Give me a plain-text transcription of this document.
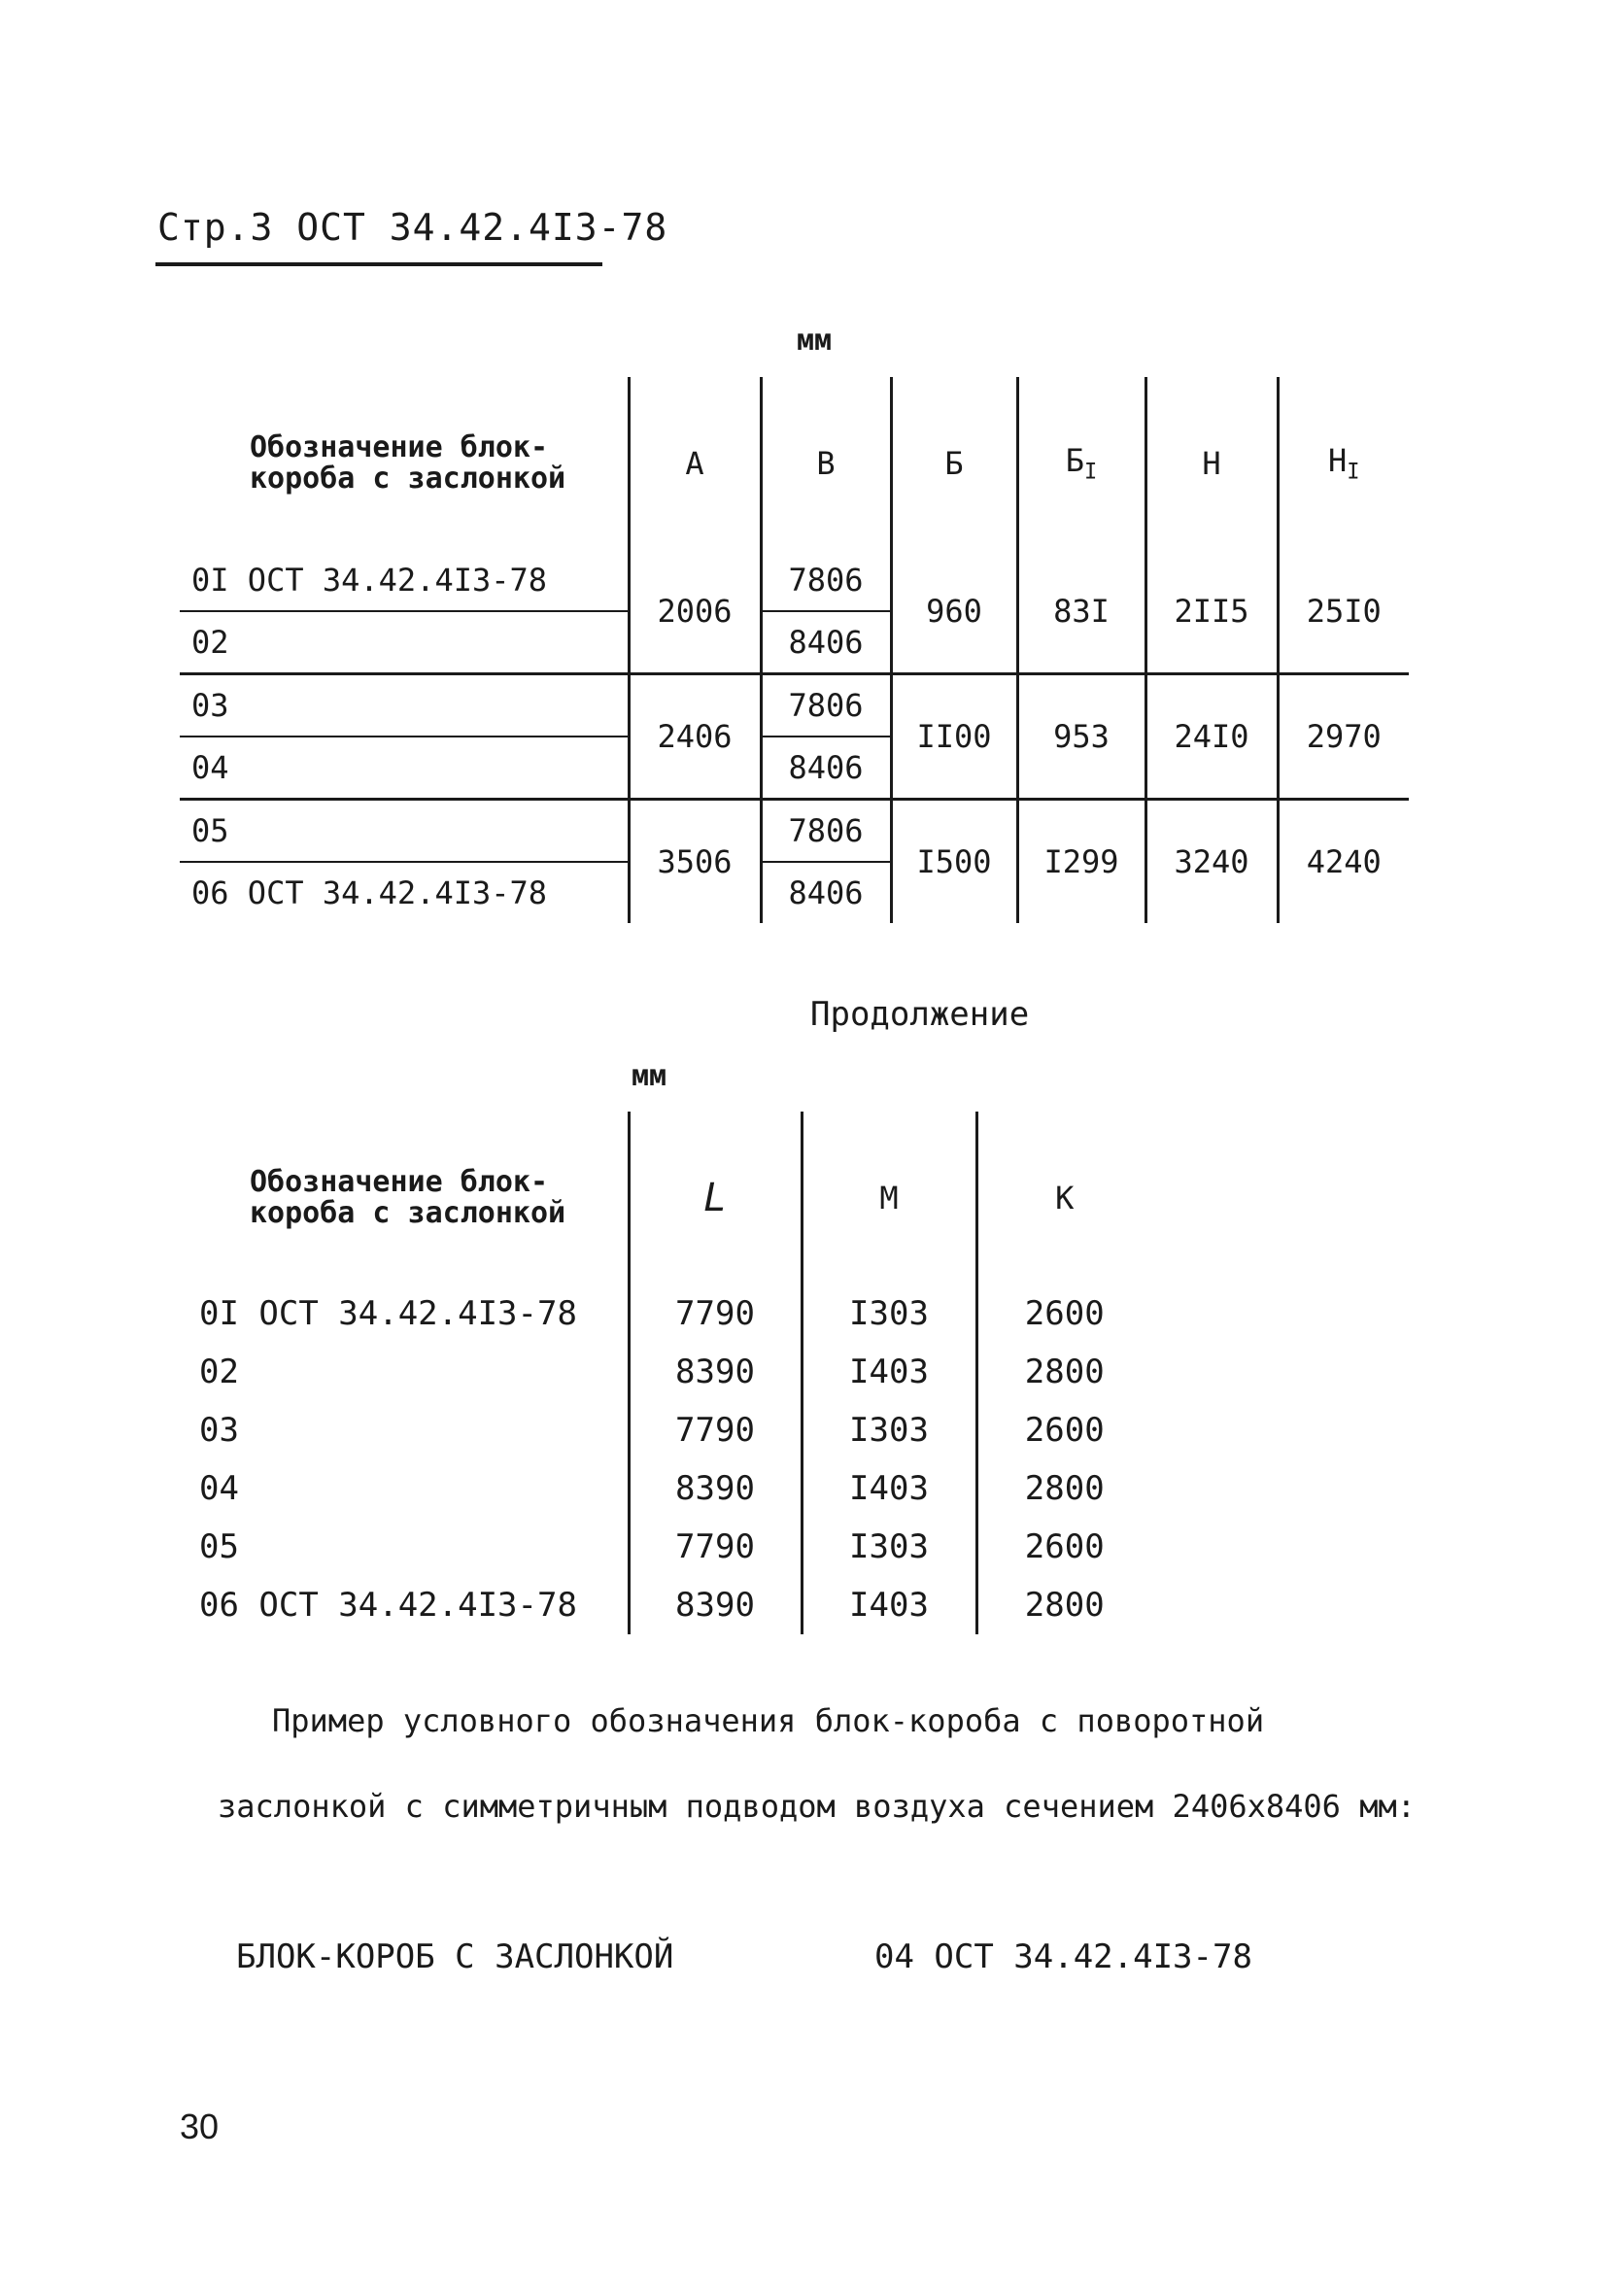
Стр.3 ОСТ 34.42.4I3-78
мм
Обозначение блок-короба с заслонкой	А	В	Б	$Б_I$	Н	$Н_I$
0I ОСТ 34.42.4I3-78	2006	7806	960	83I	2II5	25I0
02		8406				
03	2406	7806	II00	953	24I0	2970
04		8406				
05	3506	7806	I500	I299	3240	4240
06 ОСТ 34.42.4I3-78		8406				
Продолжение
мм
Обозначение блок-короба с заслонкой	L	М	К
0I ОСТ 34.42.4I3-78	7790	I303	2600
02	8390	I403	2800
03	7790	I303	2600
04	8390	I403	2800
05	7790	I303	2600
06 ОСТ 34.42.4I3-78	8390	I403	2800
Пример условного обозначения блок-короба с поворотной
заслонкой с симметричным подводом воздуха сечением 2406х8406 мм:
БЛОК-КОРОБ С ЗАСЛОНКОЙ	04 ОСТ 34.42.4I3-78
30
